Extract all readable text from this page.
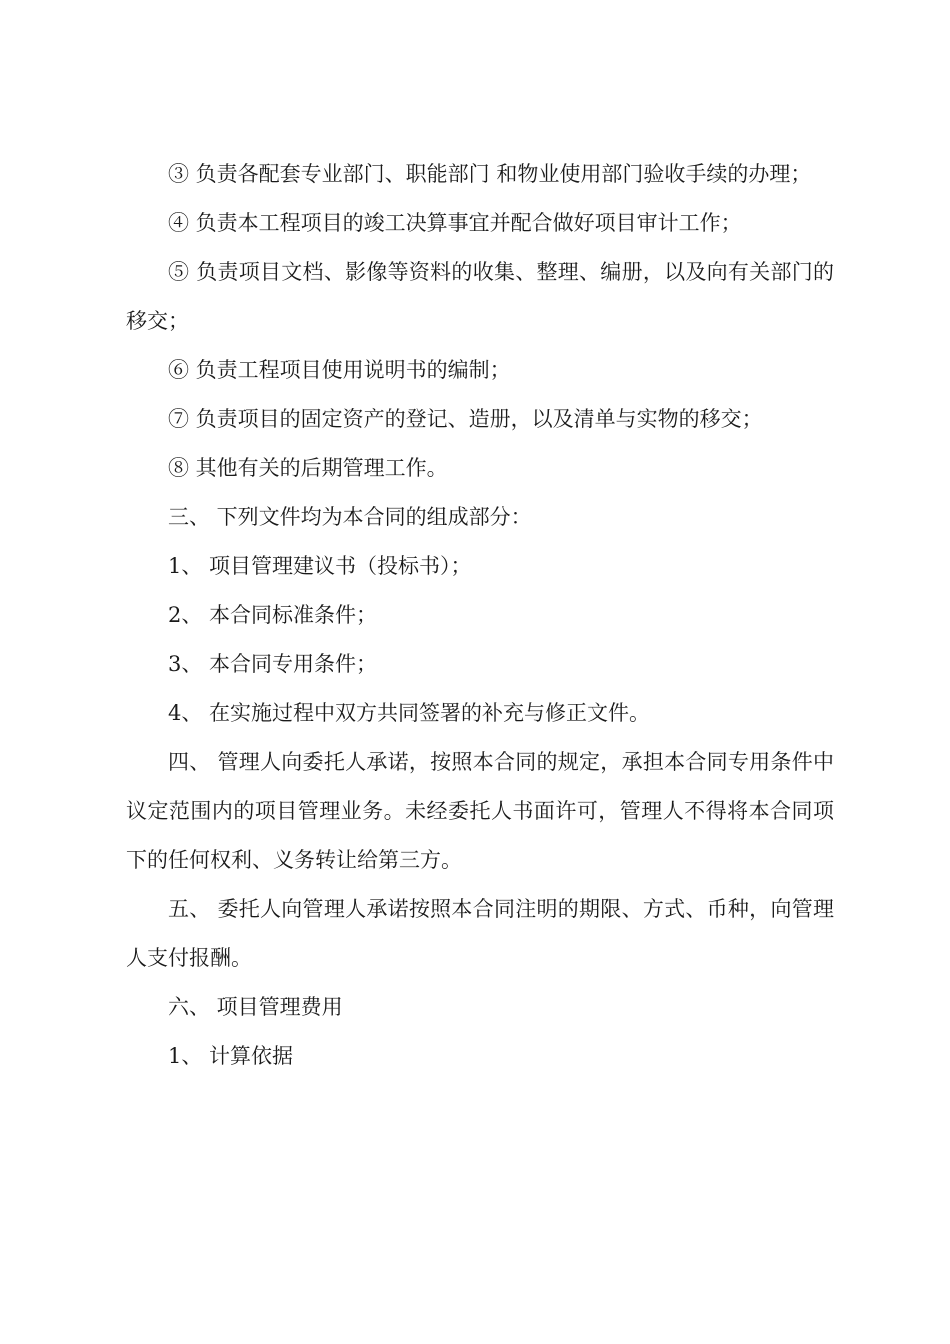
③ 负责各配套专业部门、职能部门 和物业使用部门验收手续的办理；

④ 负责本工程项目的竣工决算事宜并配合做好项目审计工作；

⑤ 负责项目文档、影像等资料的收集、整理、编册，以及向有关部门的移交；

⑥ 负责工程项目使用说明书的编制；

⑦ 负责项目的固定资产的登记、造册，以及清单与实物的移交；

⑧ 其他有关的后期管理工作。

三、 下列文件均为本合同的组成部分：

1、 项目管理建议书（投标书）；

2、 本合同标准条件；

3、 本合同专用条件；

4、 在实施过程中双方共同签署的补充与修正文件。

四、 管理人向委托人承诺，按照本合同的规定，承担本合同专用条件中议定范围内的项目管理业务。未经委托人书面许可，管理人不得将本合同项下的任何权利、义务转让给第三方。

五、 委托人向管理人承诺按照本合同注明的期限、方式、币种，向管理人支付报酬。

六、 项目管理费用

1、 计算依据
